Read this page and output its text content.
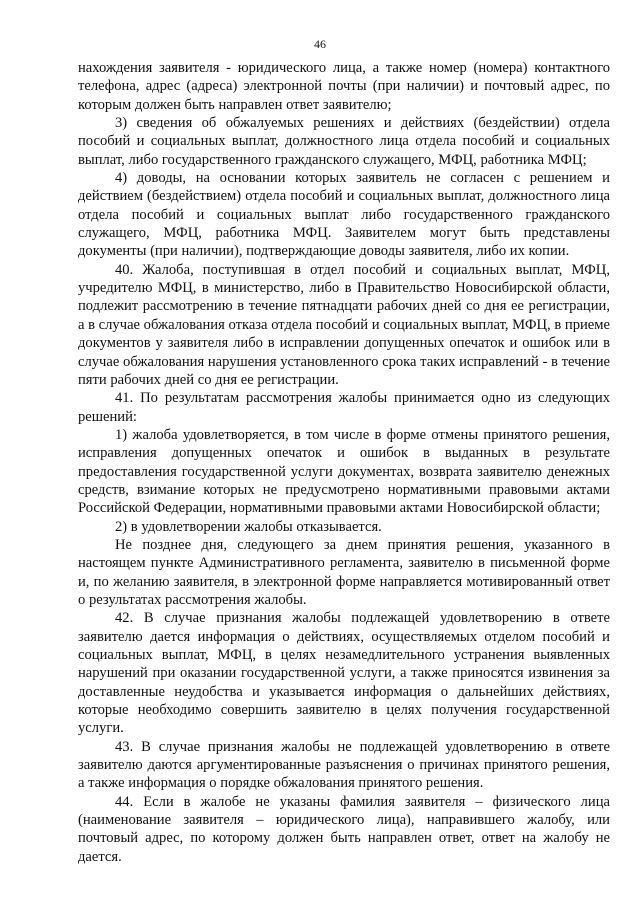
46

нахождения заявителя - юридического лица, а также номер (номера) контактного телефона, адрес (адреса) электронной почты (при наличии) и почтовый адрес, по которым должен быть направлен ответ заявителю;

3) сведения об обжалуемых решениях и действиях (бездействии) отдела пособий и социальных выплат, должностного лица отдела пособий и социальных выплат, либо государственного гражданского служащего, МФЦ, работника МФЦ;

4) доводы, на основании которых заявитель не согласен с решением и действием (бездействием) отдела пособий и социальных выплат, должностного лица отдела пособий и социальных выплат либо государственного гражданского служащего, МФЦ, работника МФЦ. Заявителем могут быть представлены документы (при наличии), подтверждающие доводы заявителя, либо их копии.

40. Жалоба, поступившая в отдел пособий и социальных выплат, МФЦ, учредителю МФЦ, в министерство, либо в Правительство Новосибирской области, подлежит рассмотрению в течение пятнадцати рабочих дней со дня ее регистрации, а в случае обжалования отказа отдела пособий и социальных выплат, МФЦ, в приеме документов у заявителя либо в исправлении допущенных опечаток и ошибок или в случае обжалования нарушения установленного срока таких исправлений - в течение пяти рабочих дней со дня ее регистрации.

41. По результатам рассмотрения жалобы принимается одно из следующих решений:

1) жалоба удовлетворяется, в том числе в форме отмены принятого решения, исправления допущенных опечаток и ошибок в выданных в результате предоставления государственной услуги документах, возврата заявителю денежных средств, взимание которых не предусмотрено нормативными правовыми актами Российской Федерации, нормативными правовыми актами Новосибирской области;

2) в удовлетворении жалобы отказывается.

Не позднее дня, следующего за днем принятия решения, указанного в настоящем пункте Административного регламента, заявителю в письменной форме и, по желанию заявителя, в электронной форме направляется мотивированный ответ о результатах рассмотрения жалобы.

42. В случае признания жалобы подлежащей удовлетворению в ответе заявителю дается информация о действиях, осуществляемых отделом пособий и социальных выплат, МФЦ, в целях незамедлительного устранения выявленных нарушений при оказании государственной услуги, а также приносятся извинения за доставленные неудобства и указывается информация о дальнейших действиях, которые необходимо совершить заявителю в целях получения государственной услуги.

43. В случае признания жалобы не подлежащей удовлетворению в ответе заявителю даются аргументированные разъяснения о причинах принятого решения, а также информация о порядке обжалования принятого решения.

44. Если в жалобе не указаны фамилия заявителя – физического лица (наименование заявителя – юридического лица), направившего жалобу, или почтовый адрес, по которому должен быть направлен ответ, ответ на жалобу не дается.
